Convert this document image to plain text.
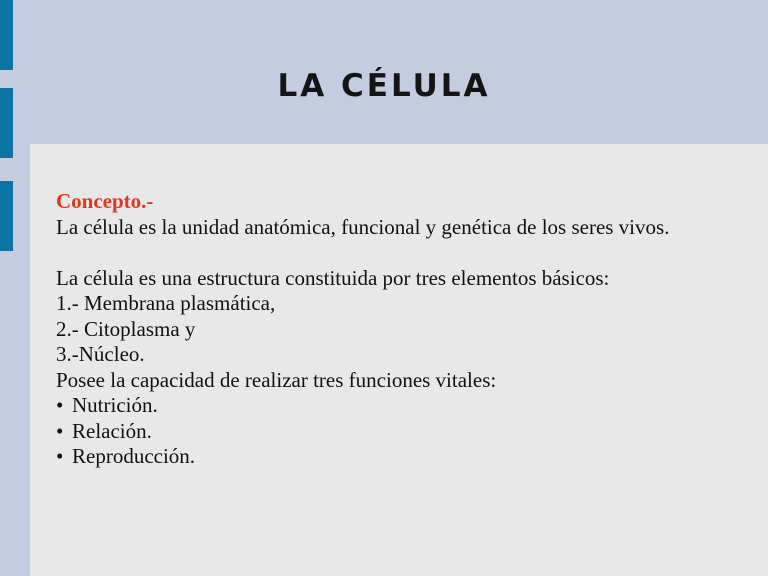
LA CÉLULA
Concepto.-
La célula es la unidad anatómica, funcional y genética de los seres vivos.
La célula es una estructura constituida por tres elementos básicos:
1.- Membrana plasmática,
2.- Citoplasma y
3.-Núcleo.
Posee la capacidad de realizar tres funciones vitales:
• Nutrición.
• Relación.
• Reproducción.
